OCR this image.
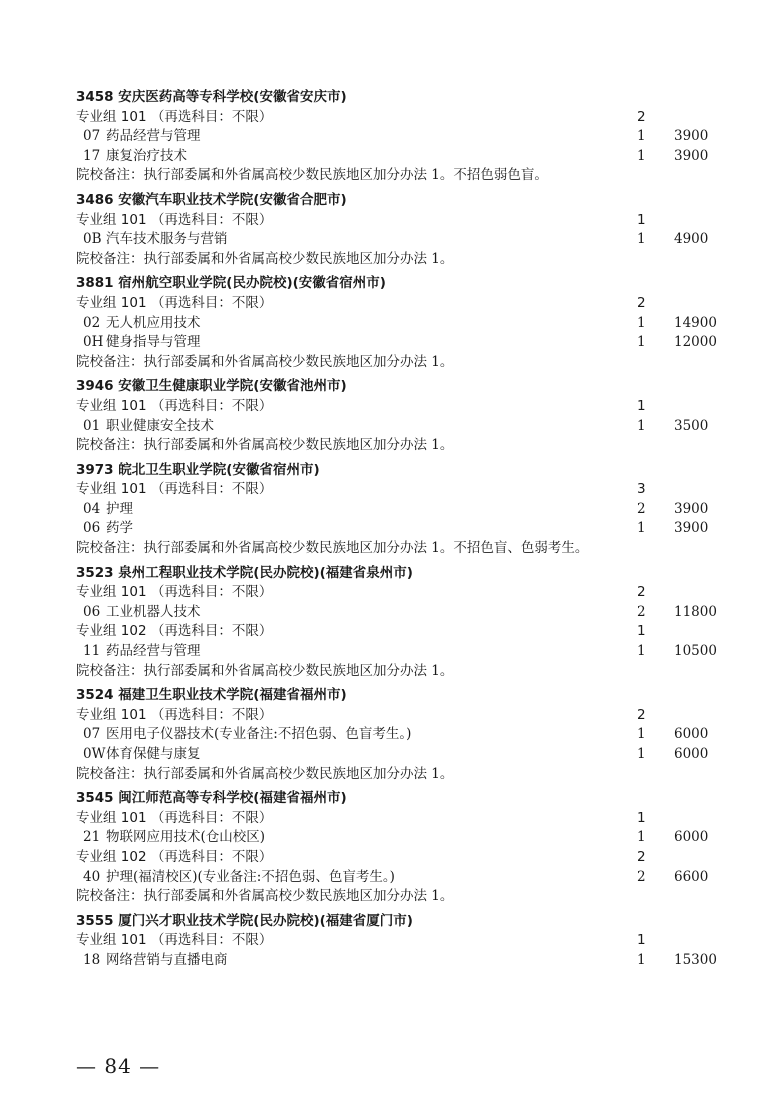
3458 安庆医药高等专科学校(安徽省安庆市)
专业组 101 （再选科目：不限）	2
07 药品经营与管理	1 3900
17 康复治疗技术	1 3900
院校备注：执行部委属和外省属高校少数民族地区加分办法 1。不招色弱色盲。
3486 安徽汽车职业技术学院(安徽省合肥市)
专业组 101 （再选科目：不限）	1
0B 汽车技术服务与营销	1 4900
院校备注：执行部委属和外省属高校少数民族地区加分办法 1。
3881 宿州航空职业学院(民办院校)(安徽省宿州市)
专业组 101 （再选科目：不限）	2
02 无人机应用技术	1 14900
0H 健身指导与管理	1 12000
院校备注：执行部委属和外省属高校少数民族地区加分办法 1。
3946 安徽卫生健康职业学院(安徽省池州市)
专业组 101 （再选科目：不限）	1
01 职业健康安全技术	1 3500
院校备注：执行部委属和外省属高校少数民族地区加分办法 1。
3973 皖北卫生职业学院(安徽省宿州市)
专业组 101 （再选科目：不限）	3
04 护理	2 3900
06 药学	1 3900
院校备注：执行部委属和外省属高校少数民族地区加分办法 1。不招色盲、色弱考生。
3523 泉州工程职业技术学院(民办院校)(福建省泉州市)
专业组 101 （再选科目：不限）	2
06 工业机器人技术	2 11800
专业组 102 （再选科目：不限）	1
11 药品经营与管理	1 10500
院校备注：执行部委属和外省属高校少数民族地区加分办法 1。
3524 福建卫生职业技术学院(福建省福州市)
专业组 101 （再选科目：不限）	2
07 医用电子仪器技术(专业备注:不招色弱、色盲考生。)	1 6000
0W 体育保健与康复	1 6000
院校备注：执行部委属和外省属高校少数民族地区加分办法 1。
3545 闽江师范高等专科学校(福建省福州市)
专业组 101 （再选科目：不限）	1
21 物联网应用技术(仓山校区)	1 6000
专业组 102 （再选科目：不限）	2
40 护理(福清校区)(专业备注:不招色弱、色盲考生。)	2 6600
院校备注：执行部委属和外省属高校少数民族地区加分办法 1。
3555 厦门兴才职业技术学院(民办院校)(福建省厦门市)
专业组 101 （再选科目：不限）	1
18 网络营销与直播电商	1 15300
— 84 —
